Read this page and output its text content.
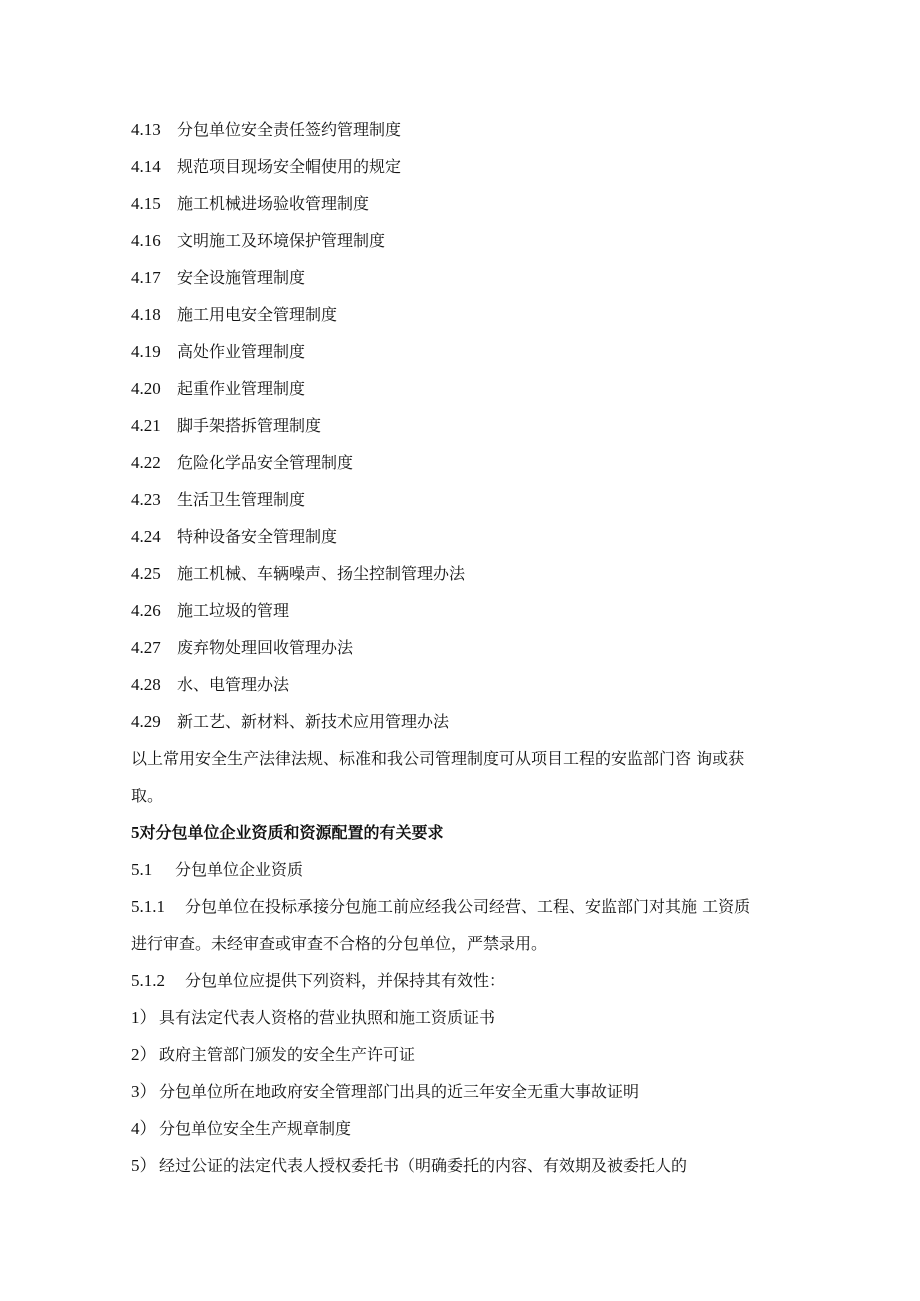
4.13 分包单位安全责任签约管理制度
4.14 规范项目现场安全帽使用的规定
4.15 施工机械进场验收管理制度
4.16 文明施工及环境保护管理制度
4.17 安全设施管理制度
4.18 施工用电安全管理制度
4.19 高处作业管理制度
4.20 起重作业管理制度
4.21 脚手架搭拆管理制度
4.22 危险化学品安全管理制度
4.23 生活卫生管理制度
4.24 特种设备安全管理制度
4.25 施工机械、车辆噪声、扬尘控制管理办法
4.26 施工垃圾的管理
4.27 废弃物处理回收管理办法
4.28 水、电管理办法
4.29 新工艺、新材料、新技术应用管理办法
以上常用安全生产法律法规、标准和我公司管理制度可从项目工程的安监部门咨 询或获
取。
5对分包单位企业资质和资源配置的有关要求
5.1 分包单位企业资质
5.1.1 分包单位在投标承接分包施工前应经我公司经营、工程、安监部门对其施 工资质
进行审查。未经审查或审查不合格的分包单位，严禁录用。
5.1.2 分包单位应提供下列资料，并保持其有效性：
1） 具有法定代表人资格的营业执照和施工资质证书
2） 政府主管部门颁发的安全生产许可证
3） 分包单位所在地政府安全管理部门出具的近三年安全无重大事故证明
4） 分包单位安全生产规章制度
5） 经过公证的法定代表人授权委托书（明确委托的内容、有效期及被委托人的
